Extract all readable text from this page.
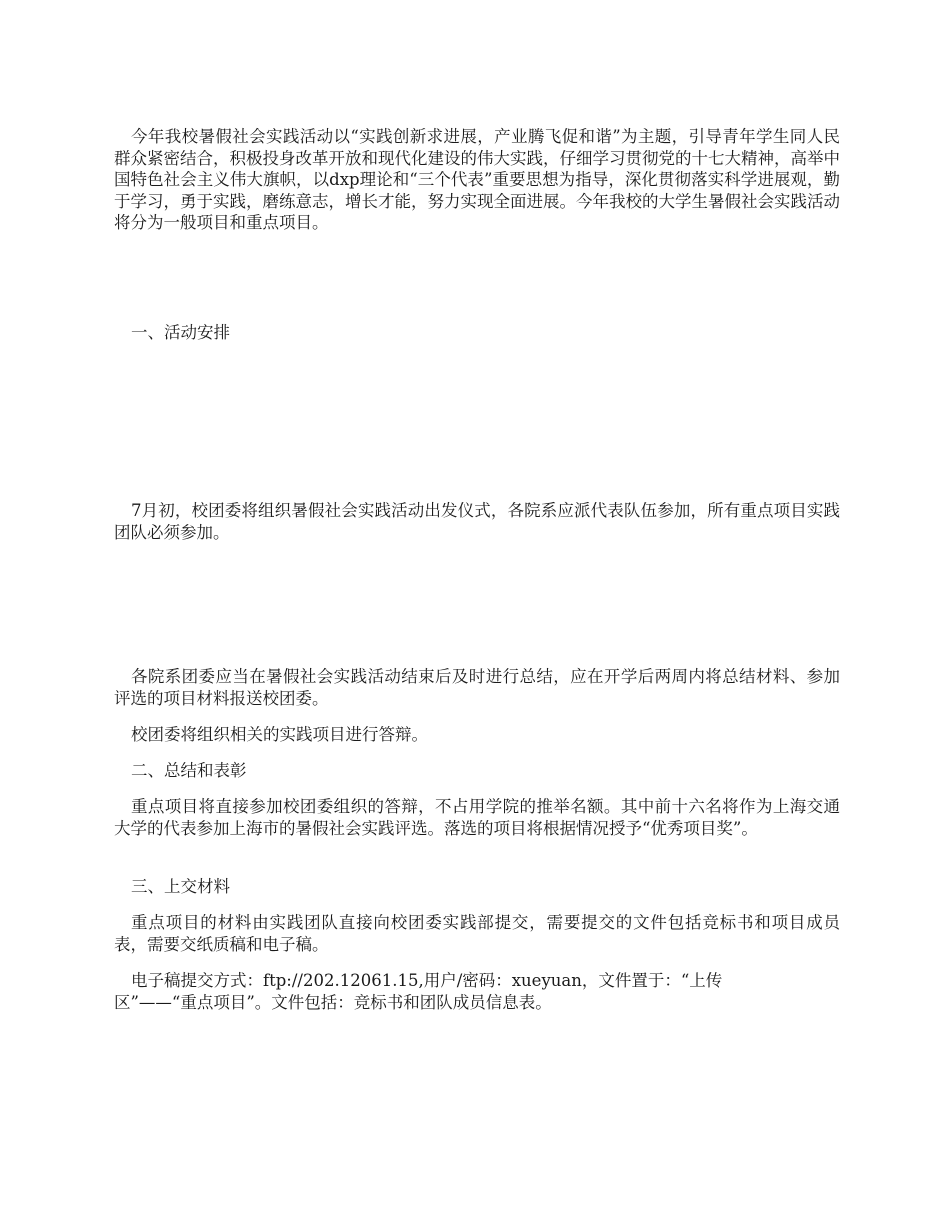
今年我校暑假社会实践活动以“实践创新求进展，产业腾飞促和谐”为主题，引导青年学生同人民群众紧密结合，积极投身改革开放和现代化建设的伟大实践，仔细学习贯彻党的十七大精神，高举中国特色社会主义伟大旗帜，以dxp理论和“三个代表”重要思想为指导，深化贯彻落实科学进展观，勤于学习，勇于实践，磨练意志，增长才能，努力实现全面进展。今年我校的大学生暑假社会实践活动将分为一般项目和重点项目。

一、活动安排

7月初，校团委将组织暑假社会实践活动出发仪式，各院系应派代表队伍参加，所有重点项目实践团队必须参加。

各院系团委应当在暑假社会实践活动结束后及时进行总结，应在开学后两周内将总结材料、参加评选的项目材料报送校团委。

校团委将组织相关的实践项目进行答辩。

二、总结和表彰

重点项目将直接参加校团委组织的答辩，不占用学院的推举名额。其中前十六名将作为上海交通大学的代表参加上海市的暑假社会实践评选。落选的项目将根据情况授予“优秀项目奖”。

三、上交材料

重点项目的材料由实践团队直接向校团委实践部提交，需要提交的文件包括竞标书和项目成员表，需要交纸质稿和电子稿。

电子稿提交方式：ftp://202.12061.15,用户/密码：xueyuan，文件置于：“上传
区”——“重点项目”。文件包括：竞标书和团队成员信息表。
